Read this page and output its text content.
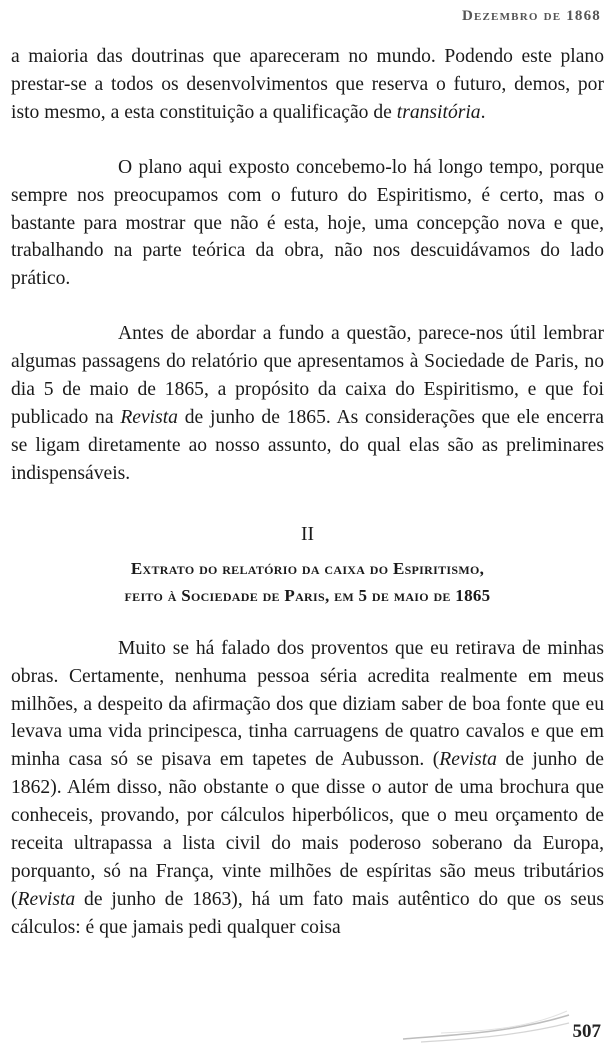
Dezembro de 1868

a maioria das doutrinas que apareceram no mundo. Podendo este plano prestar-se a todos os desenvolvimentos que reserva o futuro, demos, por isto mesmo, a esta constituição a qualificação de transitória.

O plano aqui exposto concebemo-lo há longo tempo, porque sempre nos preocupamos com o futuro do Espiritismo, é certo, mas o bastante para mostrar que não é esta, hoje, uma concepção nova e que, trabalhando na parte teórica da obra, não nos descuidávamos do lado prático.

Antes de abordar a fundo a questão, parece-nos útil lembrar algumas passagens do relatório que apresentamos à Sociedade de Paris, no dia 5 de maio de 1865, a propósito da caixa do Espiritismo, e que foi publicado na Revista de junho de 1865. As considerações que ele encerra se ligam diretamente ao nosso assunto, do qual elas são as preliminares indispensáveis.

II
Extrato do relatório da caixa do Espiritismo,
feito à Sociedade de Paris, em 5 de maio de 1865

Muito se há falado dos proventos que eu retirava de minhas obras. Certamente, nenhuma pessoa séria acredita realmente em meus milhões, a despeito da afirmação dos que diziam saber de boa fonte que eu levava uma vida principesca, tinha carruagens de quatro cavalos e que em minha casa só se pisava em tapetes de Aubusson. (Revista de junho de 1862). Além disso, não obstante o que disse o autor de uma brochura que conheceis, provando, por cálculos hiperbólicos, que o meu orçamento de receita ultrapassa a lista civil do mais poderoso soberano da Europa, porquanto, só na França, vinte milhões de espíritas são meus tributários (Revista de junho de 1863), há um fato mais autêntico do que os seus cálculos: é que jamais pedi qualquer coisa

507
